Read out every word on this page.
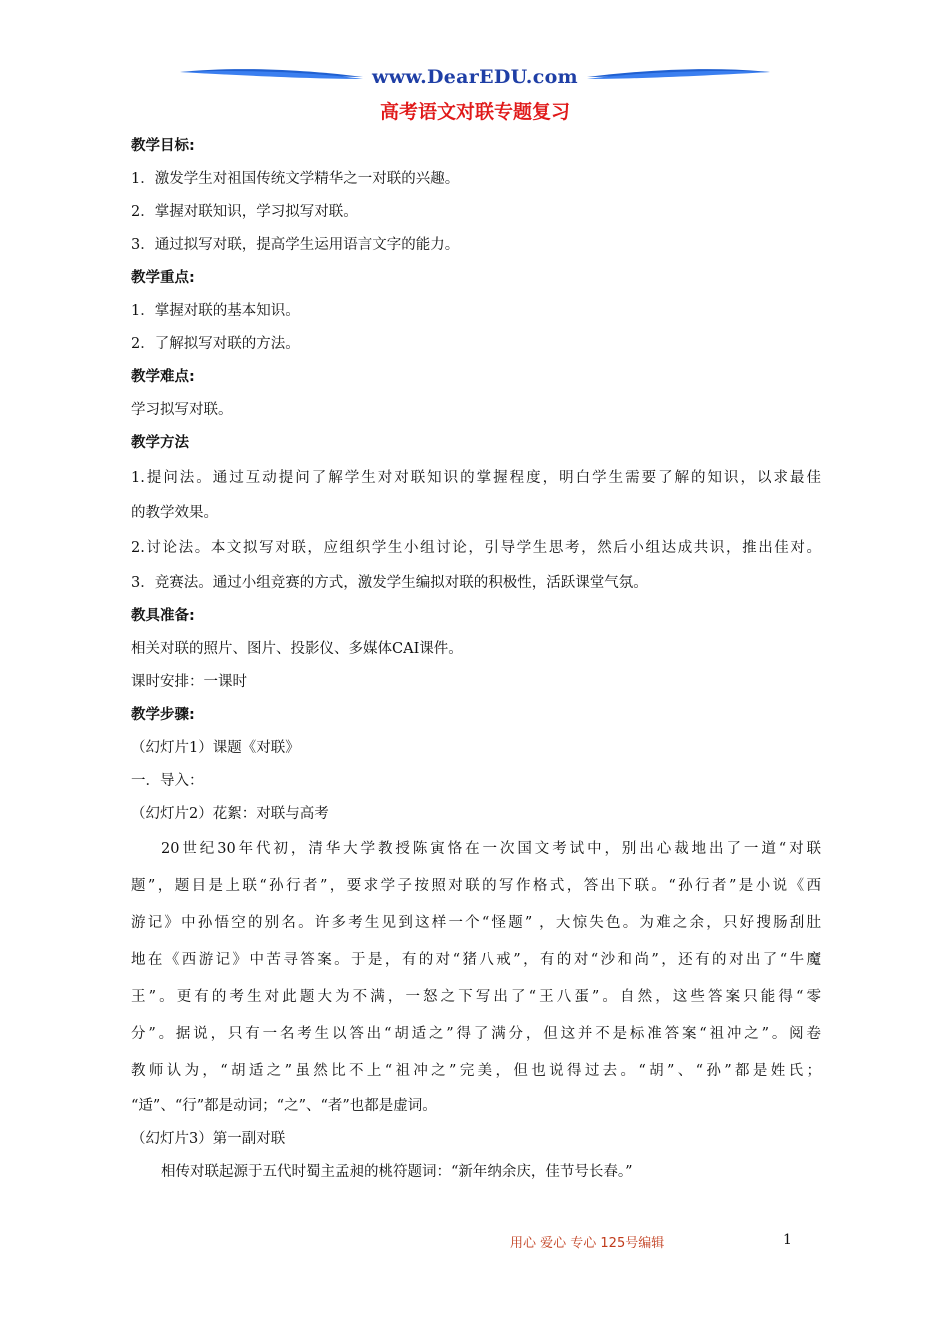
www.DearEDU.com
高考语文对联专题复习
教学目标:
1．激发学生对祖国传统文学精华之一对联的兴趣。
2．掌握对联知识，学习拟写对联。
3．通过拟写对联，提高学生运用语言文字的能力。
教学重点:
1．掌握对联的基本知识。
2．了解拟写对联的方法。
教学难点:
学习拟写对联。
教学方法
1.提问法。通过互动提问了解学生对对联知识的掌握程度，明白学生需要了解的知识，以求最佳
的教学效果。
2.讨论法。本文拟写对联，应组织学生小组讨论，引导学生思考，然后小组达成共识，推出佳对。
3．竞赛法。通过小组竞赛的方式，激发学生编拟对联的积极性，活跃课堂气氛。
教具准备:
相关对联的照片、图片、投影仪、多媒体CAI课件。
课时安排：一课时
教学步骤:
（幻灯片1）课题《对联》
一．导入：
（幻灯片2）花絮：对联与高考
20世纪30年代初，清华大学教授陈寅恪在一次国文考试中，别出心裁地出了一道“对联
题”，题目是上联“孙行者”，要求学子按照对联的写作格式，答出下联。“孙行者”是小说《西
游记》中孙悟空的别名。许多考生见到这样一个“怪题” ，大惊失色。为难之余，只好搜肠刮肚
地在《西游记》中苦寻答案。于是，有的对“猪八戒”，有的对“沙和尚”，还有的对出了“牛魔
王”。更有的考生对此题大为不满，一怒之下写出了“王八蛋”。自然，这些答案只能得“零
分”。据说，只有一名考生以答出“胡适之”得了满分，但这并不是标准答案“祖冲之”。阅卷
教师认为，“胡适之”虽然比不上“祖冲之”完美，但也说得过去。“胡”、“孙”都是姓氏；
“适”、“行”都是动词；“之”、“者”也都是虚词。
（幻灯片3）第一副对联
相传对联起源于五代时蜀主孟昶的桃符题词：“新年纳余庆，佳节号长春。”
用心 爱心 专心 125号编辑	1
